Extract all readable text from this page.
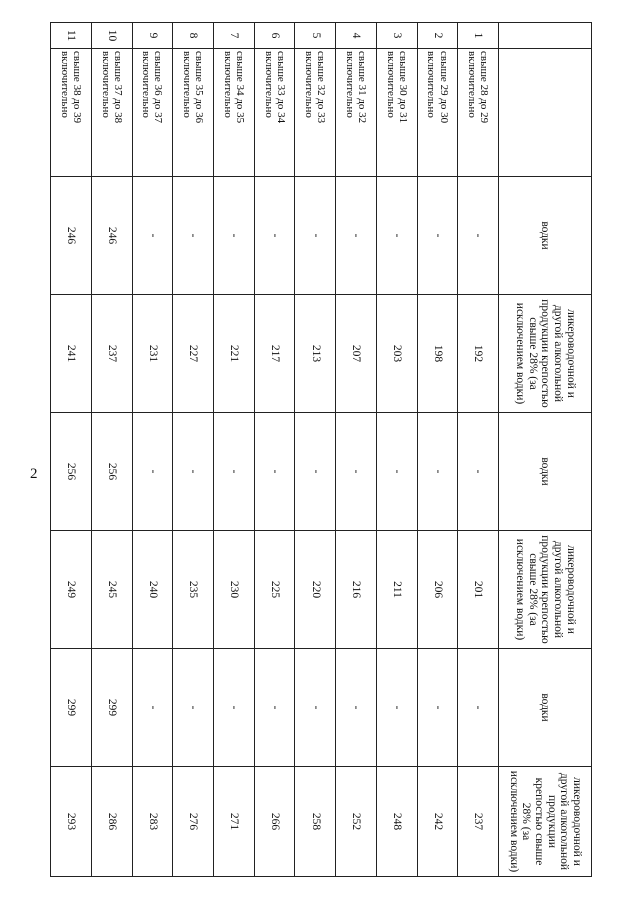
2
		водки	ликероводочной и другой алкогольной продукции крепостью свыше 28% (за исключением водки)	водки	ликероводочной и другой алкогольной продукции крепостью свыше 28% (за исключением водки)	водки	ликероводочной и другой алкогольной продукции крепостью свыше 28% (за исключением водки)
1	свыше 28 до 29 включительно	-	192	-	201	-	237
2	свыше 29 до 30 включительно	-	198	-	206	-	242
3	свыше 30 до 31 включительно	-	203	-	211	-	248
4	свыше 31 до 32 включительно	-	207	-	216	-	252
5	свыше 32 до 33 включительно	-	213	-	220	-	258
6	свыше 33 до 34 включительно	-	217	-	225	-	266
7	свыше 34 до 35 включительно	-	221	-	230	-	271
8	свыше 35 до 36 включительно	-	227	-	235	-	276
9	свыше 36 до 37 включительно	-	231	-	240	-	283
10	свыше 37 до 38 включительно	246	237	256	245	299	286
11	свыше 38 до 39 включительно	246	241	256	249	299	293
